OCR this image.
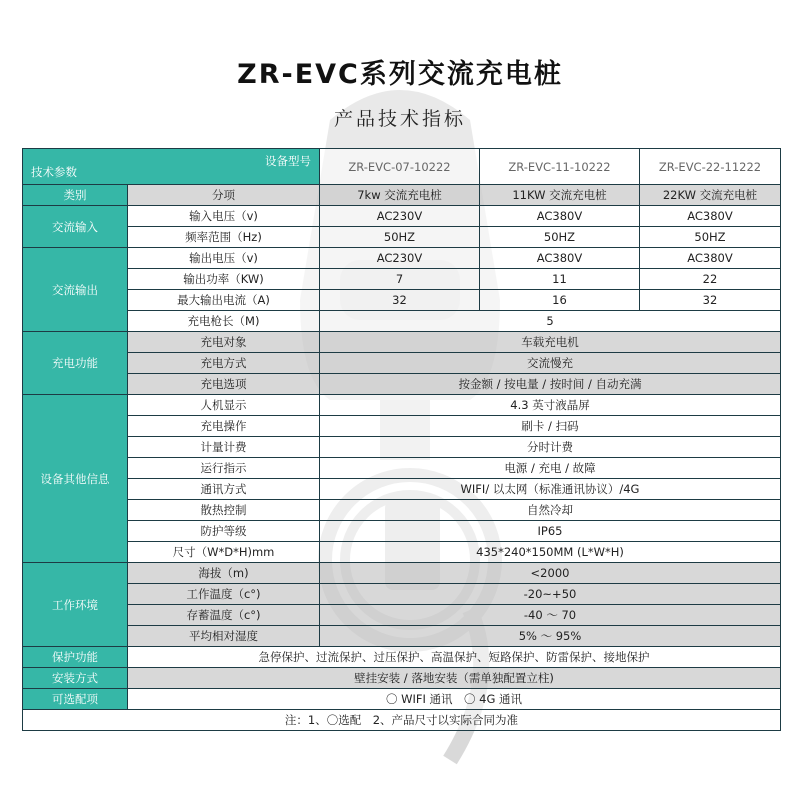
ZR-EVC系列交流充电桩
产品技术指标
设备型号
技术参数		ZR-EVC-07-10222	ZR-EVC-11-10222	ZR-EVC-22-11222
类别	分项	7kw 交流充电桩	11KW 交流充电桩	22KW 交流充电桩
交流输入	输入电压（v)	AC230V	AC380V	AC380V
	频率范围（Hz)	50HZ	50HZ	50HZ
交流输出	输出电压（v)	AC230V	AC380V	AC380V
	输出功率（KW)	7	11	22
	最大输出电流（A)	32	16	32
	充电枪长（M)	5		
充电功能	充电对象	车载充电机		
	充电方式	交流慢充		
	充电选项	按金额 / 按电量 / 按时间 / 自动充满		
设备其他信息	人机显示	4.3 英寸液晶屏		
	充电操作	刷卡 / 扫码		
	计量计费	分时计费		
	运行指示	电源 / 充电 / 故障		
	通讯方式	WIFI/ 以太网（标准通讯协议）/4G		
	散热控制	自然冷却		
	防护等级	IP65		
	尺寸（W*D*H)mm	435*240*150MM (L*W*H)		
工作环境	海拔（m)	<2000		
	工作温度（c°)	-20~+50		
	存蓄温度（c°)	-40 ～ 70		
	平均相对湿度	5% ～ 95%		
保护功能	急停保护、过流保护、过压保护、高温保护、短路保护、防雷保护、接地保护			
安装方式	壁挂安装 / 落地安装（需单独配置立柱)			
可选配项	〇 WIFI 通讯　〇 4G 通讯			
注：1、〇选配　2、产品尺寸以实际合同为准				
